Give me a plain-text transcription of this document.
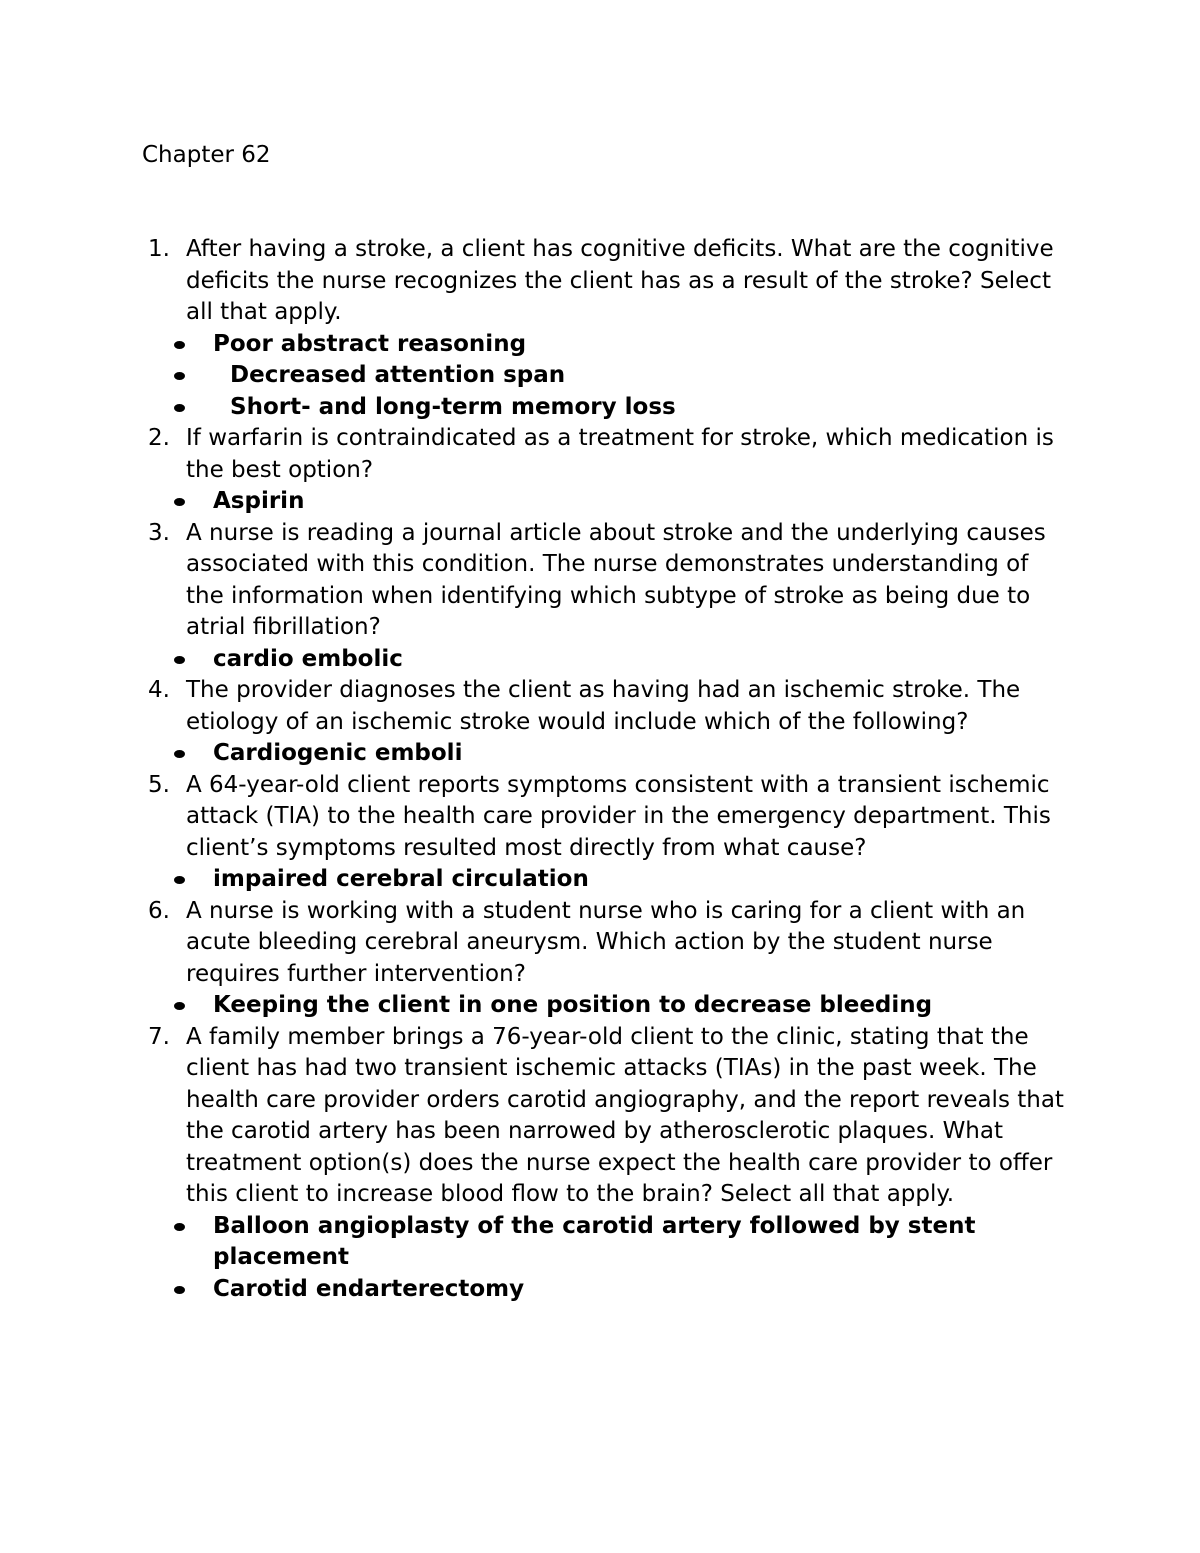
Chapter 62
1. After having a stroke, a client has cognitive deficits. What are the cognitive deficits the nurse recognizes the client has as a result of the stroke? Select all that apply.

Poor abstract reasoning
Decreased attention span
Short- and long-term memory loss
2. If warfarin is contraindicated as a treatment for stroke, which medication is the best option?

Aspirin
3. A nurse is reading a journal article about stroke and the underlying causes associated with this condition. The nurse demonstrates understanding of the information when identifying which subtype of stroke as being due to atrial fibrillation?

cardio embolic
4. The provider diagnoses the client as having had an ischemic stroke. The etiology of an ischemic stroke would include which of the following?

Cardiogenic emboli
5. A 64-year-old client reports symptoms consistent with a transient ischemic attack (TIA) to the health care provider in the emergency department. This client’s symptoms resulted most directly from what cause?

impaired cerebral circulation
6. A nurse is working with a student nurse who is caring for a client with an acute bleeding cerebral aneurysm. Which action by the student nurse requires further intervention?

Keeping the client in one position to decrease bleeding
7. A family member brings a 76-year-old client to the clinic, stating that the client has had two transient ischemic attacks (TIAs) in the past week. The health care provider orders carotid angiography, and the report reveals that the carotid artery has been narrowed by atherosclerotic plaques. What treatment option(s) does the nurse expect the health care provider to offer this client to increase blood flow to the brain? Select all that apply.

Balloon angioplasty of the carotid artery followed by stent placement
Carotid endarterectomy
